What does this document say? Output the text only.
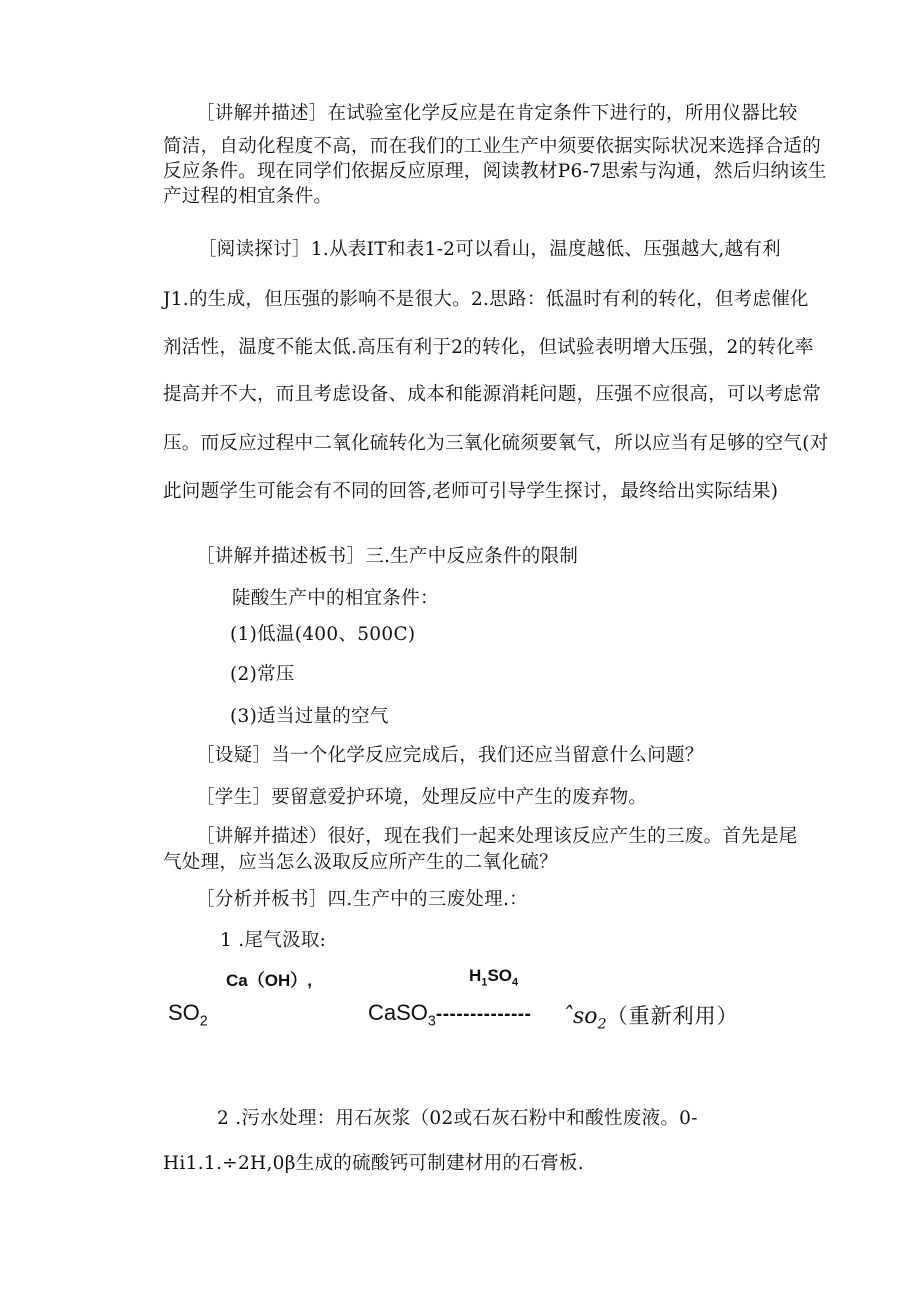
［讲解并描述］在试验室化学反应是在肯定条件下进行的，所用仪器比较
简洁，自动化程度不高，而在我们的工业生产中须要依据实际状况来选择合适的
反应条件。现在同学们依据反应原理，阅读教材P6-7思索与沟通，然后归纳该生
产过程的相宜条件。
［阅读探讨］1.从表IT和表1-2可以看山，温度越低、压强越大,越有利
J1.的生成，但压强的影响不是很大。2.思路：低温时有利的转化，但考虑催化
剂活性，温度不能太低.高压有利于2的转化，但试验表明增大压强，2的转化率
提高并不大，而且考虑设备、成本和能源消耗问题，压强不应很高，可以考虑常
压。而反应过程中二氧化硫转化为三氧化硫须要氧气，所以应当有足够的空气(对
此问题学生可能会有不同的回答,老师可引导学生探讨，最终给出实际结果)
［讲解并描述板书］三.生产中反应条件的限制
陡酸生产中的相宜条件：
(1)低温(400、500C)
(2)常压
(3)适当过量的空气
［设疑］当一个化学反应完成后，我们还应当留意什么问题？
［学生］要留意爱护环境，处理反应中产生的废弃物。
［讲解并描述）很好，现在我们一起来处理该反应产生的三废。首先是尾
气处理，应当怎么汲取反应所产生的二氧化硫？
［分析并板书］四.生产中的三废处理.：
1 .尾气汲取:
Ca（OH）,	$H_1SO_4$
$SO_2$	CaSO$_3$-------------- ˆso$_2$（重新利用）
2 .污水处理：用石灰浆（02或石灰石粉中和酸性废液。0-
Hi1.1.÷2H,0β生成的硫酸钙可制建材用的石膏板.
